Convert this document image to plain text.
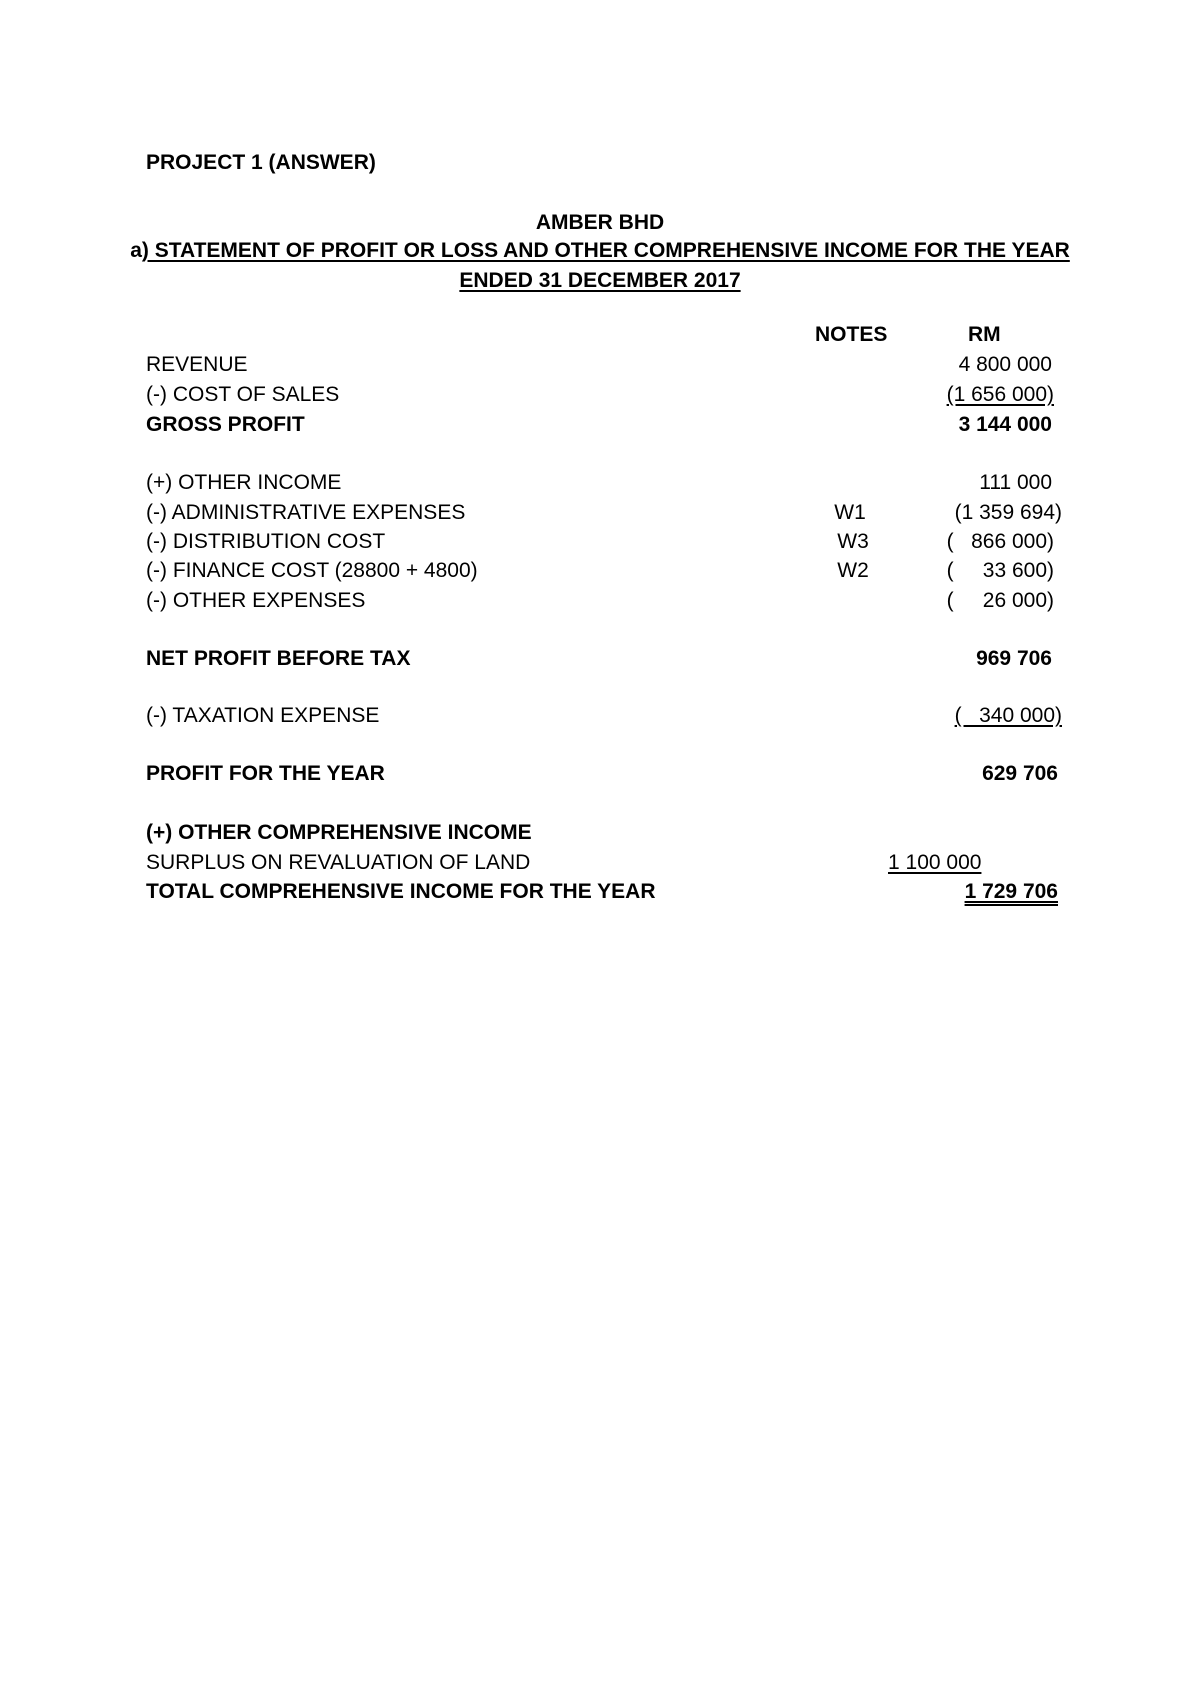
PROJECT 1 (ANSWER)
AMBER BHD
a) STATEMENT OF PROFIT OR LOSS AND OTHER COMPREHENSIVE INCOME FOR THE YEAR
ENDED 31 DECEMBER 2017
NOTES	RM
REVENUE	4 800 000
(-) COST OF SALES	(1 656 000)
GROSS PROFIT	3 144 000
(+) OTHER INCOME	111 000
(-) ADMINISTRATIVE EXPENSES	W1	(1 359 694)
(-) DISTRIBUTION COST	W3	(   866 000)
(-) FINANCE COST (28800 + 4800)	W2	(     33 600)
(-) OTHER EXPENSES	(     26 000)
NET PROFIT BEFORE TAX	969 706
(-) TAXATION EXPENSE	(   340 000)
PROFIT FOR THE YEAR	629 706
(+) OTHER COMPREHENSIVE INCOME
SURPLUS ON REVALUATION OF LAND	1 100 000
TOTAL COMPREHENSIVE INCOME FOR THE YEAR	1 729 706
